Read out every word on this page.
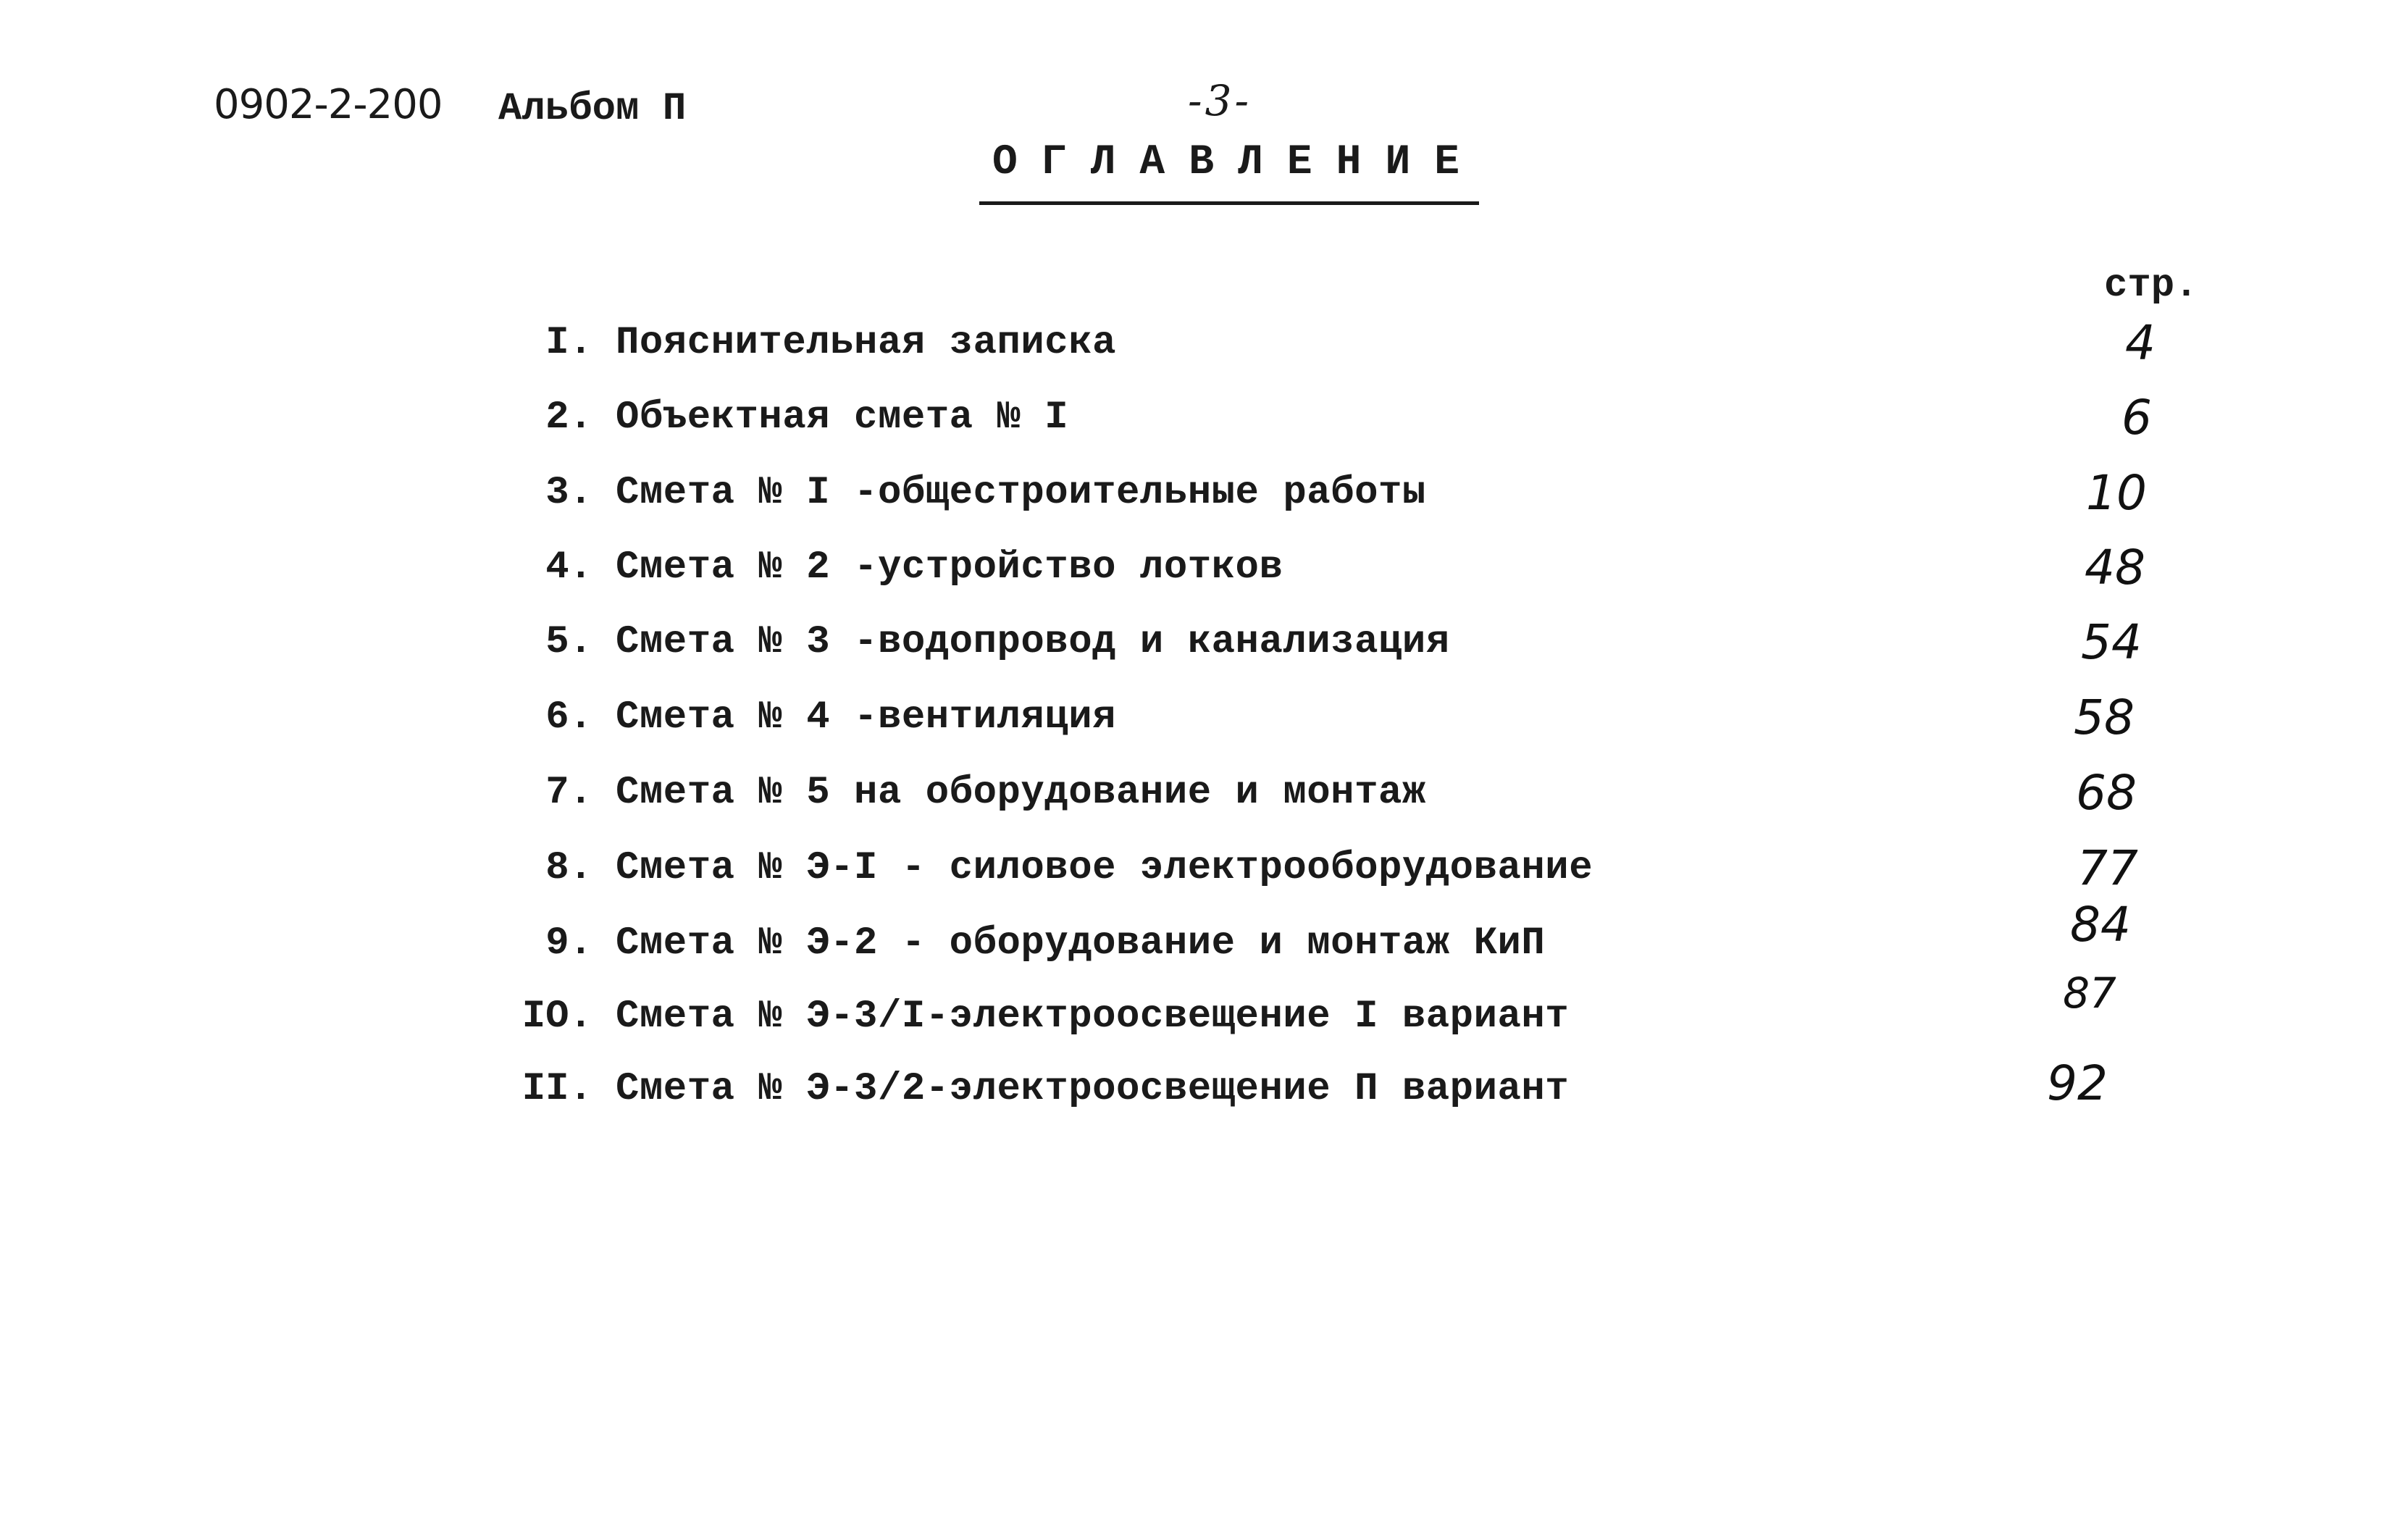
0902-2-200 Альбом П	-3-
ОГЛАВЛЕНИЕ
стр.
I. Пояснительная записка	4
2. Объектная смета № I	6
3. Смета № I -общестроительные работы	10
4. Смета № 2 -устройство лотков	48
5. Смета № 3 -водопровод и канализация	54
6. Смета № 4 -вентиляция	58
7. Смета № 5 на оборудование и монтаж	68
8. Смета № Э-I - силовое электрооборудование	77
9. Смета № Э-2 - оборудование и монтаж КиП	84
IO. Смета № Э-3/I-электроосвещение I вариант	87
II. Смета № Э-3/2-электроосвещение П вариант	92
